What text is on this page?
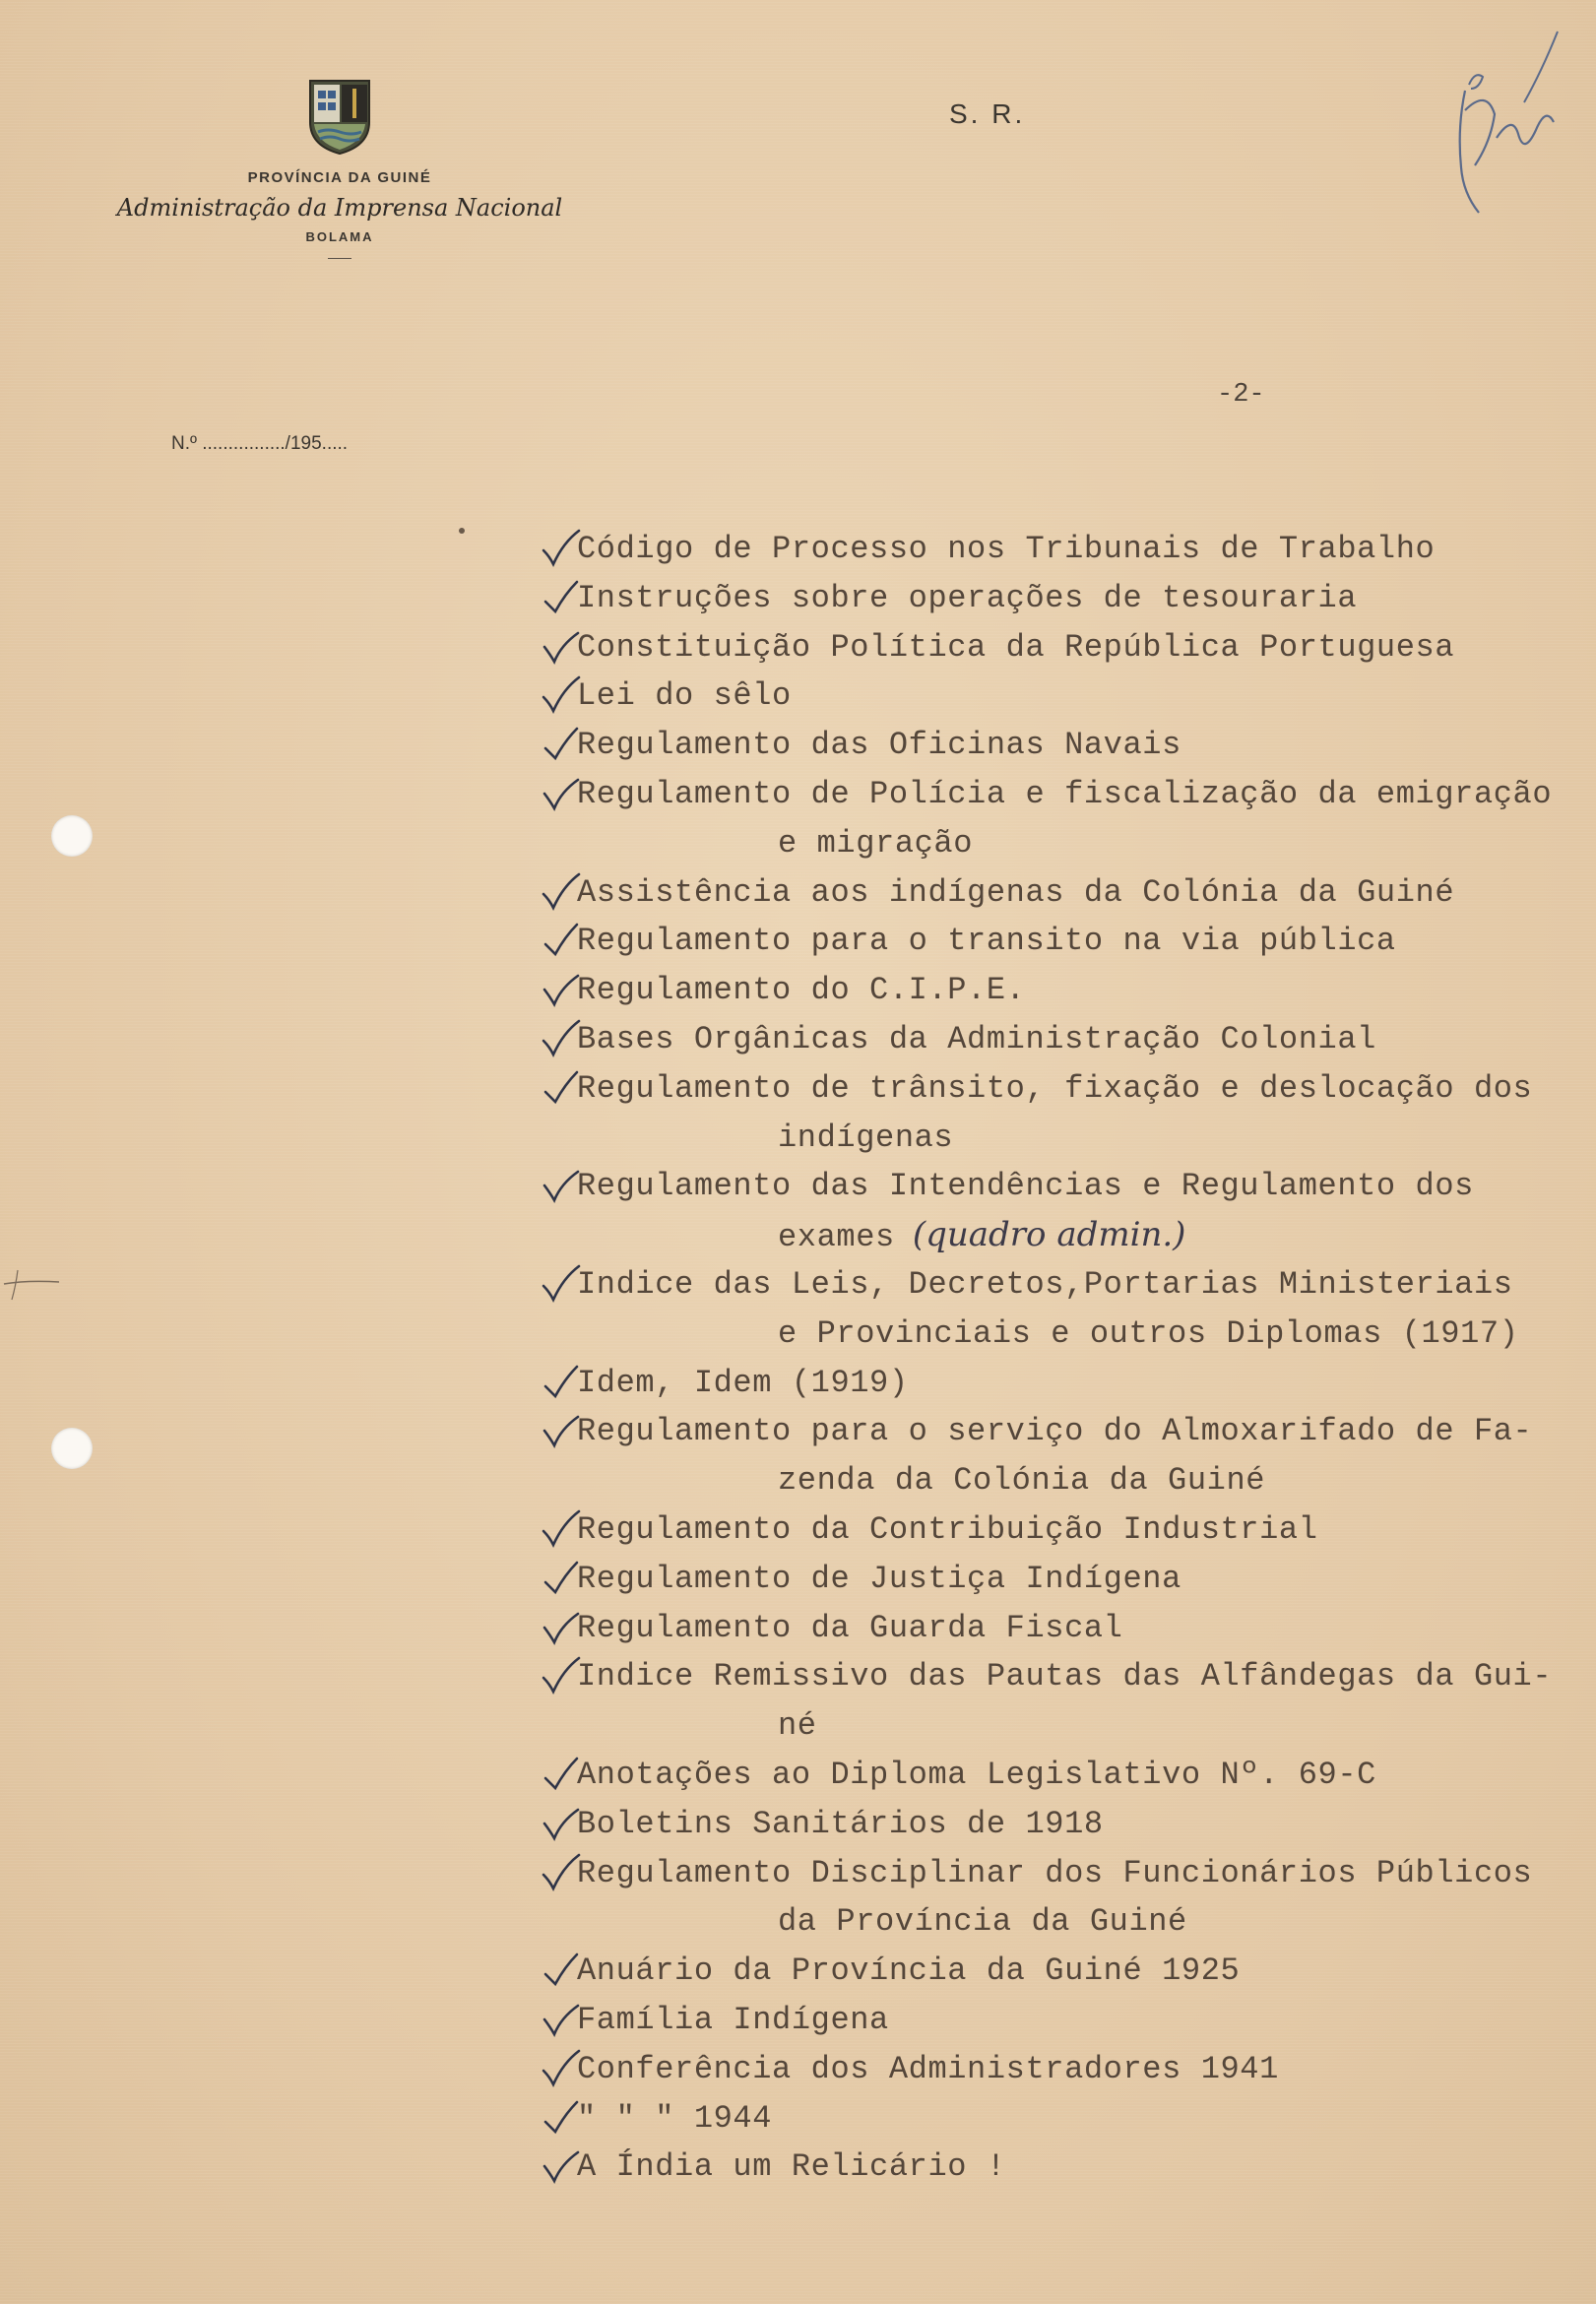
PROVÍNCIA DA GUINÉ
Administração da Imprensa Nacional
BOLAMA
N.º ................/195.....
S. R.
-2-
Código de Processo nos Tribunais de Trabalho
Instruções sobre operações de tesouraria
Constituição Política da República Portuguesa
Lei do sêlo
Regulamento das Oficinas Navais
Regulamento de Polícia e fiscalização da emigração
e migração
Assistência aos indígenas da Colónia da Guiné
Regulamento para o transito na via pública
Regulamento do C.I.P.E.
Bases Orgânicas da Administração Colonial
Regulamento de trânsito, fixação e deslocação dos
indígenas
Regulamento das Intendências e Regulamento dos
exames (quadro admin.)
Indice das Leis, Decretos,Portarias Ministeriais
e Provinciais e outros Diplomas (1917)
Idem, Idem (1919)
Regulamento para o serviço do Almoxarifado de Fa-
zenda da Colónia da Guiné
Regulamento da Contribuição Industrial
Regulamento de Justiça Indígena
Regulamento da Guarda Fiscal
Indice Remissivo das Pautas das Alfândegas da Gui-
né
Anotações ao Diploma Legislativo Nº. 69-C
Boletins Sanitários de 1918
Regulamento Disciplinar dos Funcionários Públicos
da Província da Guiné
Anuário da Província da Guiné 1925
Família Indígena
Conferência dos Administradores 1941
" " " 1944
A Índia um Relicário !
